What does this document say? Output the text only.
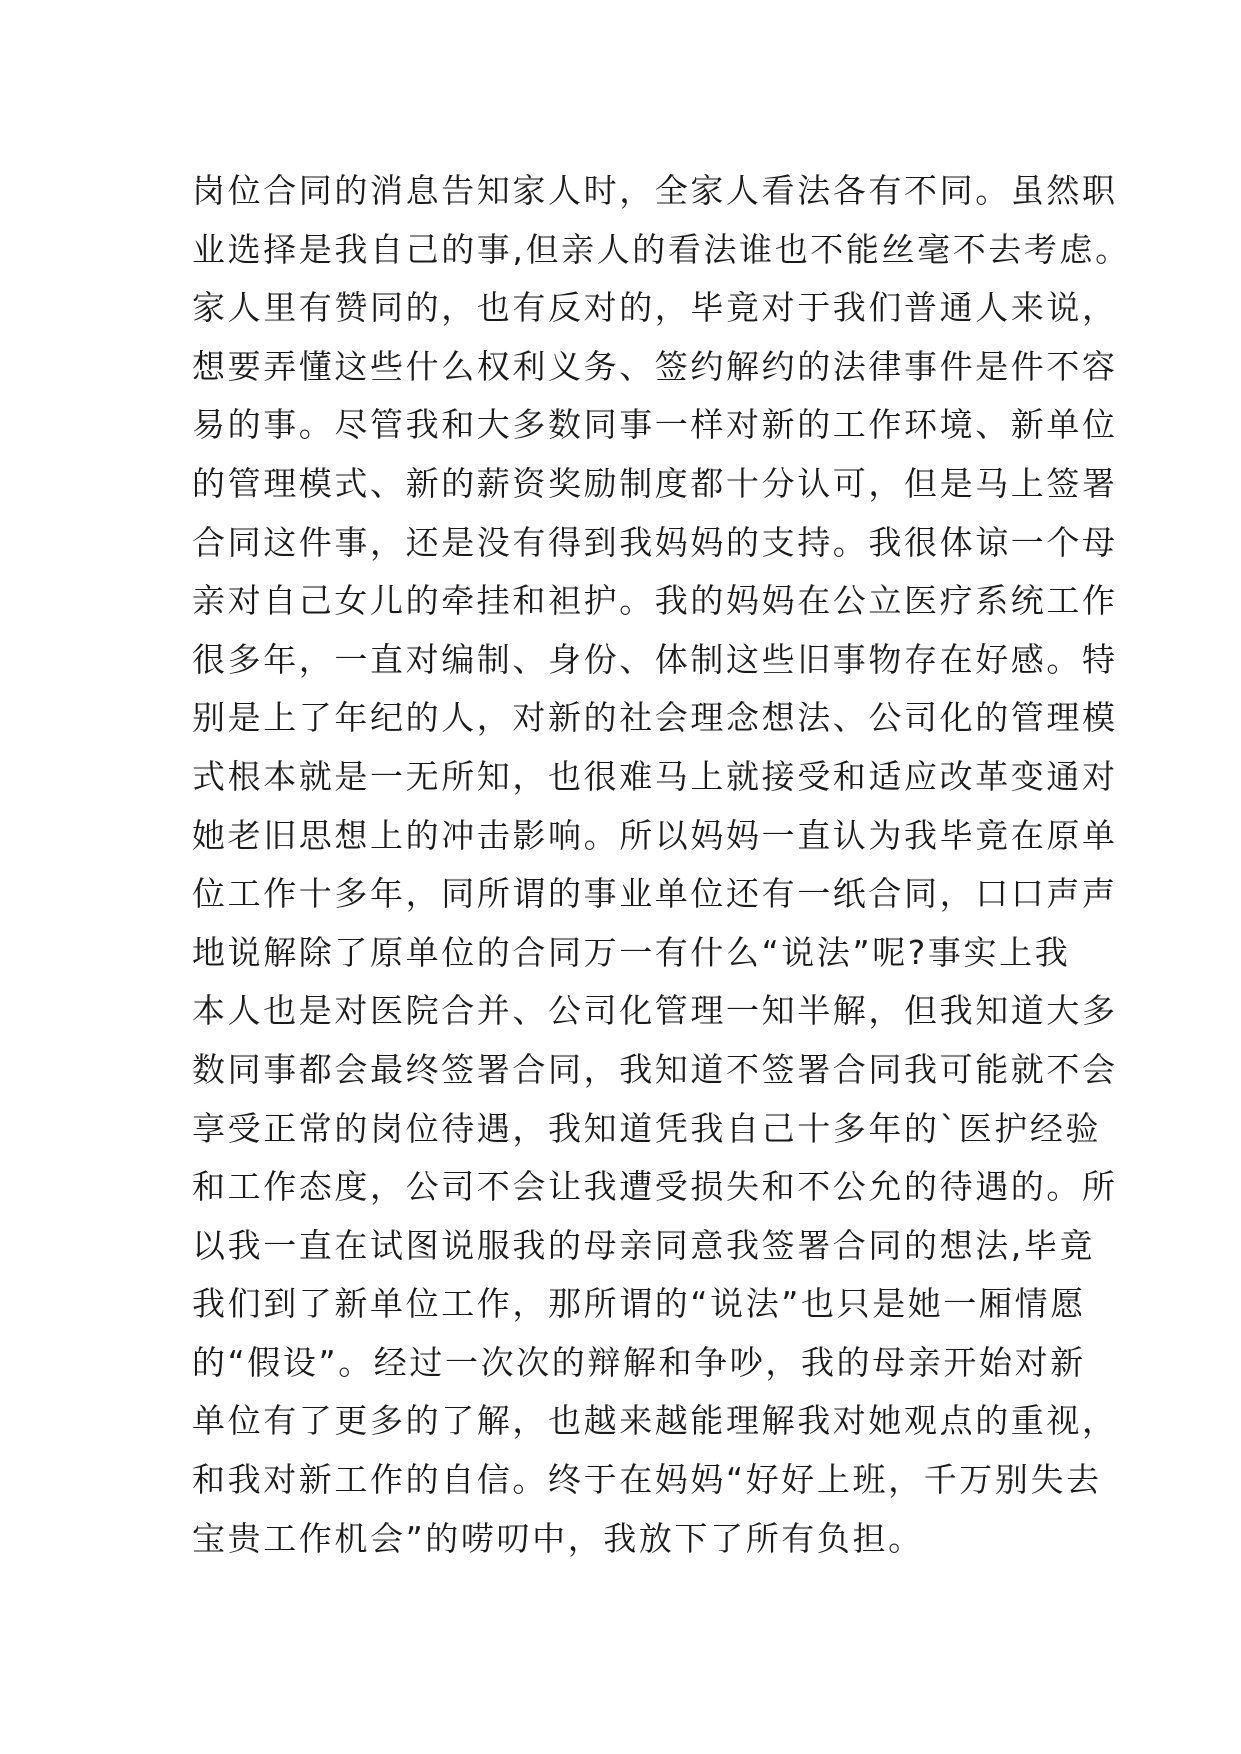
岗位合同的消息告知家人时，全家人看法各有不同。虽然职
业选择是我自己的事,但亲人的看法谁也不能丝毫不去考虑。
家人里有赞同的，也有反对的，毕竟对于我们普通人来说，
想要弄懂这些什么权利义务、签约解约的法律事件是件不容
易的事。尽管我和大多数同事一样对新的工作环境、新单位
的管理模式、新的薪资奖励制度都十分认可，但是马上签署
合同这件事，还是没有得到我妈妈的支持。我很体谅一个母
亲对自己女儿的牵挂和袒护。我的妈妈在公立医疗系统工作
很多年，一直对编制、身份、体制这些旧事物存在好感。特
别是上了年纪的人，对新的社会理念想法、公司化的管理模
式根本就是一无所知，也很难马上就接受和适应改革变通对
她老旧思想上的冲击影响。所以妈妈一直认为我毕竟在原单
位工作十多年，同所谓的事业单位还有一纸合同，口口声声
地说解除了原单位的合同万一有什么“说法”呢?事实上我
本人也是对医院合并、公司化管理一知半解，但我知道大多
数同事都会最终签署合同，我知道不签署合同我可能就不会
享受正常的岗位待遇，我知道凭我自己十多年的`医护经验
和工作态度，公司不会让我遭受损失和不公允的待遇的。所
以我一直在试图说服我的母亲同意我签署合同的想法,毕竟
我们到了新单位工作，那所谓的“说法”也只是她一厢情愿
的“假设”。经过一次次的辩解和争吵，我的母亲开始对新
单位有了更多的了解，也越来越能理解我对她观点的重视，
和我对新工作的自信。终于在妈妈“好好上班，千万别失去
宝贵工作机会”的唠叨中，我放下了所有负担。
